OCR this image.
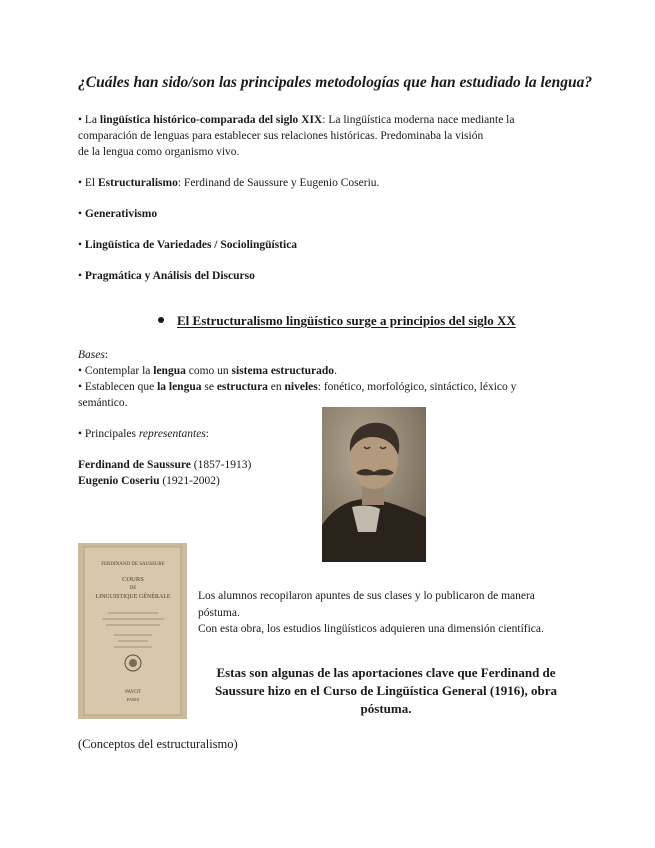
¿Cuáles han sido/son las principales metodologías que han estudiado la lengua?
• La lingüística histórico-comparada del siglo XIX: La lingüística moderna nace mediante la
comparación de lenguas para establecer sus relaciones históricas. Predominaba la visión
de la lengua como organismo vivo.
• El Estructuralismo: Ferdinand de Saussure y Eugenio Coseriu.
• Generativismo
• Lingüística de Variedades / Sociolingüística
• Pragmática y Análisis del Discurso
El Estructuralismo lingüístico surge a principios del siglo XX
Bases:
• Contemplar la lengua como un sistema estructurado.
• Establecen que la lengua se estructura en niveles: fonético, morfológico, sintáctico, léxico y
semántico.
• Principales representantes:
Ferdinand de Saussure (1857-1913)
Eugenio Coseriu (1921-2002)
FERDINAND DE SAUSSURE
COURS
DE
LINGUISTIQUE GÉNÉRALE
PAYOT
PARIS
Los alumnos recopilaron apuntes de sus clases y lo publicaron de manera
póstuma.
Con esta obra, los estudios lingüísticos adquieren una dimensión científica.
Estas son algunas de las aportaciones clave que Ferdinand de
Saussure hizo en el Curso de Lingüística General (1916), obra
póstuma.
(Conceptos del estructuralismo)
